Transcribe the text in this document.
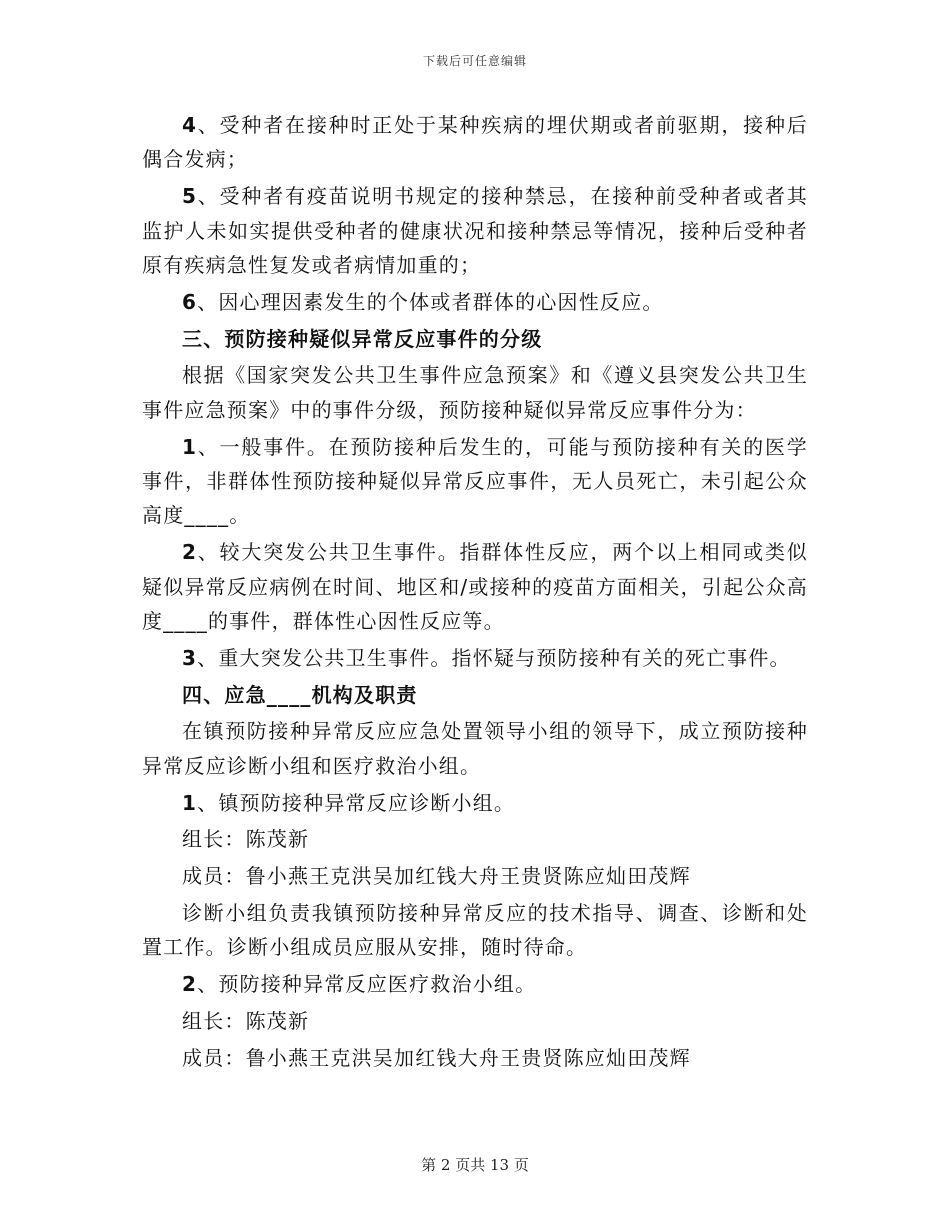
下载后可任意编辑

4、受种者在接种时正处于某种疾病的埋伏期或者前驱期，接种后偶合发病；

5、受种者有疫苗说明书规定的接种禁忌，在接种前受种者或者其监护人未如实提供受种者的健康状况和接种禁忌等情况，接种后受种者原有疾病急性复发或者病情加重的；

6、因心理因素发生的个体或者群体的心因性反应。

三、预防接种疑似异常反应事件的分级

根据《国家突发公共卫生事件应急预案》和《遵义县突发公共卫生事件应急预案》中的事件分级，预防接种疑似异常反应事件分为：

1、一般事件。在预防接种后发生的，可能与预防接种有关的医学事件，非群体性预防接种疑似异常反应事件，无人员死亡，未引起公众高度____。

2、较大突发公共卫生事件。指群体性反应，两个以上相同或类似疑似异常反应病例在时间、地区和/或接种的疫苗方面相关，引起公众高度____的事件，群体性心因性反应等。

3、重大突发公共卫生事件。指怀疑与预防接种有关的死亡事件。

四、应急____机构及职责

在镇预防接种异常反应应急处置领导小组的领导下，成立预防接种异常反应诊断小组和医疗救治小组。

1、镇预防接种异常反应诊断小组。

组长：陈茂新

成员：鲁小燕王克洪吴加红钱大舟王贵贤陈应灿田茂辉

诊断小组负责我镇预防接种异常反应的技术指导、调查、诊断和处置工作。诊断小组成员应服从安排，随时待命。

2、预防接种异常反应医疗救治小组。

组长：陈茂新

成员：鲁小燕王克洪吴加红钱大舟王贵贤陈应灿田茂辉

第 2 页共 13 页
